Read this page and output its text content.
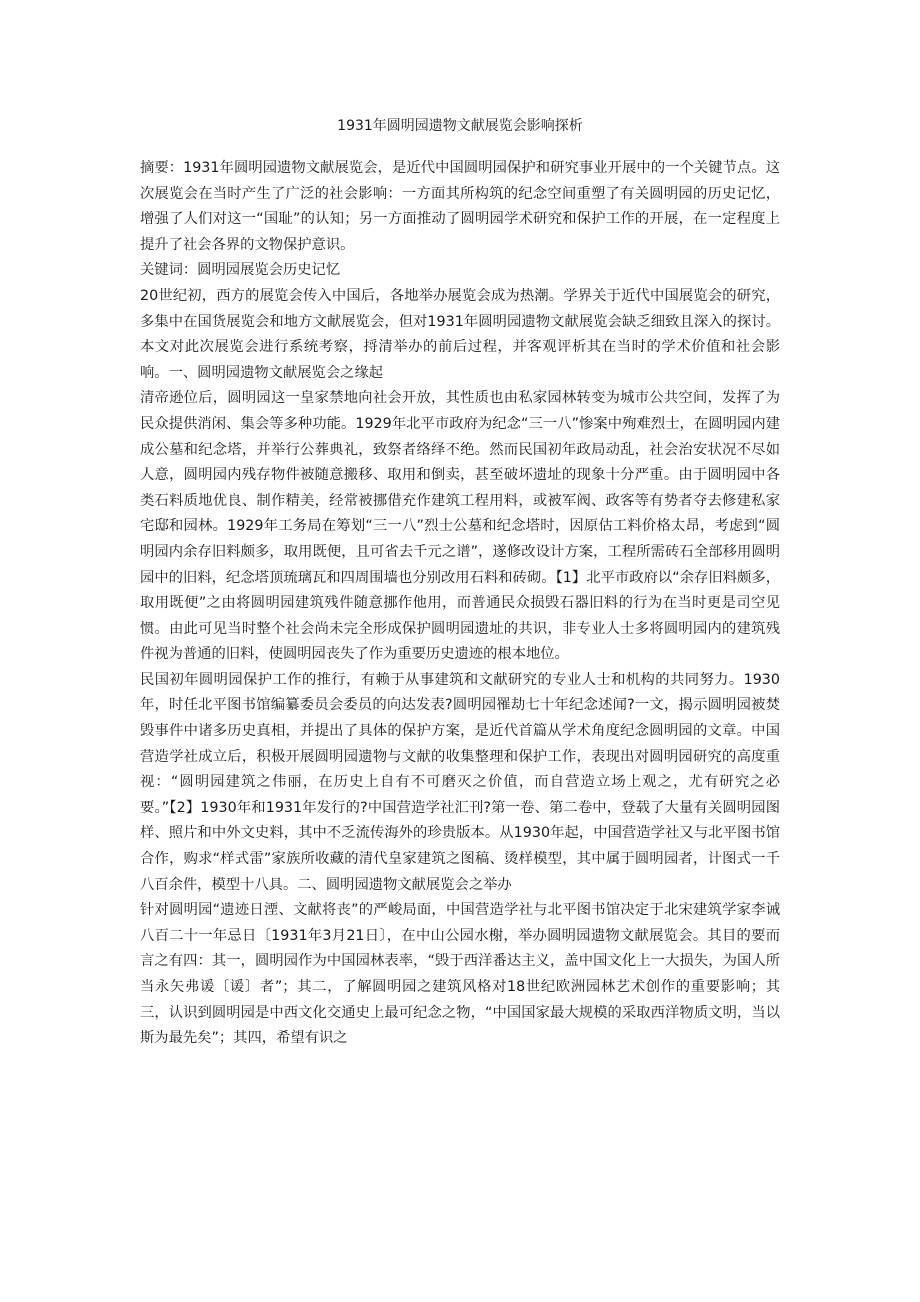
1931年圆明园遗物文献展览会影响探析

摘要：1931年圆明园遗物文献展览会，是近代中国圆明园保护和研究事业开展中的一个关键节点。这次展览会在当时产生了广泛的社会影响：一方面其所构筑的纪念空间重塑了有关圆明园的历史记忆，增强了人们对这一“国耻”的认知；另一方面推动了圆明园学术研究和保护工作的开展，在一定程度上提升了社会各界的文物保护意识。

关键词：圆明园展览会历史记忆

20世纪初，西方的展览会传入中国后，各地举办展览会成为热潮。学界关于近代中国展览会的研究，多集中在国货展览会和地方文献展览会，但对1931年圆明园遗物文献展览会缺乏细致且深入的探讨。本文对此次展览会进行系统考察，捋清举办的前后过程，并客观评析其在当时的学术价值和社会影响。一、圆明园遗物文献展览会之缘起

清帝逊位后，圆明园这一皇家禁地向社会开放，其性质也由私家园林转变为城市公共空间，发挥了为民众提供消闲、集会等多种功能。1929年北平市政府为纪念“三一八”惨案中殉难烈士，在圆明园内建成公墓和纪念塔，并举行公葬典礼，致祭者络绎不绝。然而民国初年政局动乱，社会治安状况不尽如人意，圆明园内残存物件被随意搬移、取用和倒卖，甚至破坏遗址的现象十分严重。由于圆明园中各类石料质地优良、制作精美，经常被挪借充作建筑工程用料，或被军阀、政客等有势者夺去修建私家宅邸和园林。1929年工务局在筹划“三一八”烈士公墓和纪念塔时，因原估工料价格太昂，考虑到“圆明园内余存旧料颇多，取用既便，且可省去千元之谱”，遂修改设计方案，工程所需砖石全部移用圆明园中的旧料，纪念塔顶琉璃瓦和四周围墙也分别改用石料和砖砌。【1】北平市政府以“余存旧料颇多，取用既便”之由将圆明园建筑残件随意挪作他用，而普通民众损毁石器旧料的行为在当时更是司空见惯。由此可见当时整个社会尚未完全形成保护圆明园遗址的共识，非专业人士多将圆明园内的建筑残件视为普通的旧料，使圆明园丧失了作为重要历史遗迹的根本地位。

民国初年圆明园保护工作的推行，有赖于从事建筑和文献研究的专业人士和机构的共同努力。1930年，时任北平图书馆编纂委员会委员的向达发表?圆明园罹劫七十年纪念述闻?一文，揭示圆明园被焚毁事件中诸多历史真相，并提出了具体的保护方案，是近代首篇从学术角度纪念圆明园的文章。中国营造学社成立后，积极开展圆明园遗物与文献的收集整理和保护工作，表现出对圆明园研究的高度重视：“圆明园建筑之伟丽，在历史上自有不可磨灭之价值，而自营造立场上观之，尤有研究之必要。”【2】1930年和1931年发行的?中国营造学社汇刊?第一卷、第二卷中，登载了大量有关圆明园图样、照片和中外文史料，其中不乏流传海外的珍贵版本。从1930年起，中国营造学社又与北平图书馆合作，购求“样式雷”家族所收藏的清代皇家建筑之图稿、烫样模型，其中属于圆明园者，计图式一千八百余件，模型十八具。二、圆明园遗物文献展览会之举办

针对圆明园“遗迹日湮、文献将丧”的严峻局面，中国营造学社与北平图书馆决定于北宋建筑学家李诫八百二十一年忌日〔1931年3月21日〕，在中山公园水榭，举办圆明园遗物文献展览会。其目的要而言之有四：其一，圆明园作为中国园林表率，“毁于西洋番达主义，盖中国文化上一大损失，为国人所当永矢弗谖〔谖〕者”；其二，了解圆明园之建筑风格对18世纪欧洲园林艺术创作的重要影响；其三，认识到圆明园是中西文化交通史上最可纪念之物，“中国国家最大规模的采取西洋物质文明，当以斯为最先矣”；其四，希望有识之
